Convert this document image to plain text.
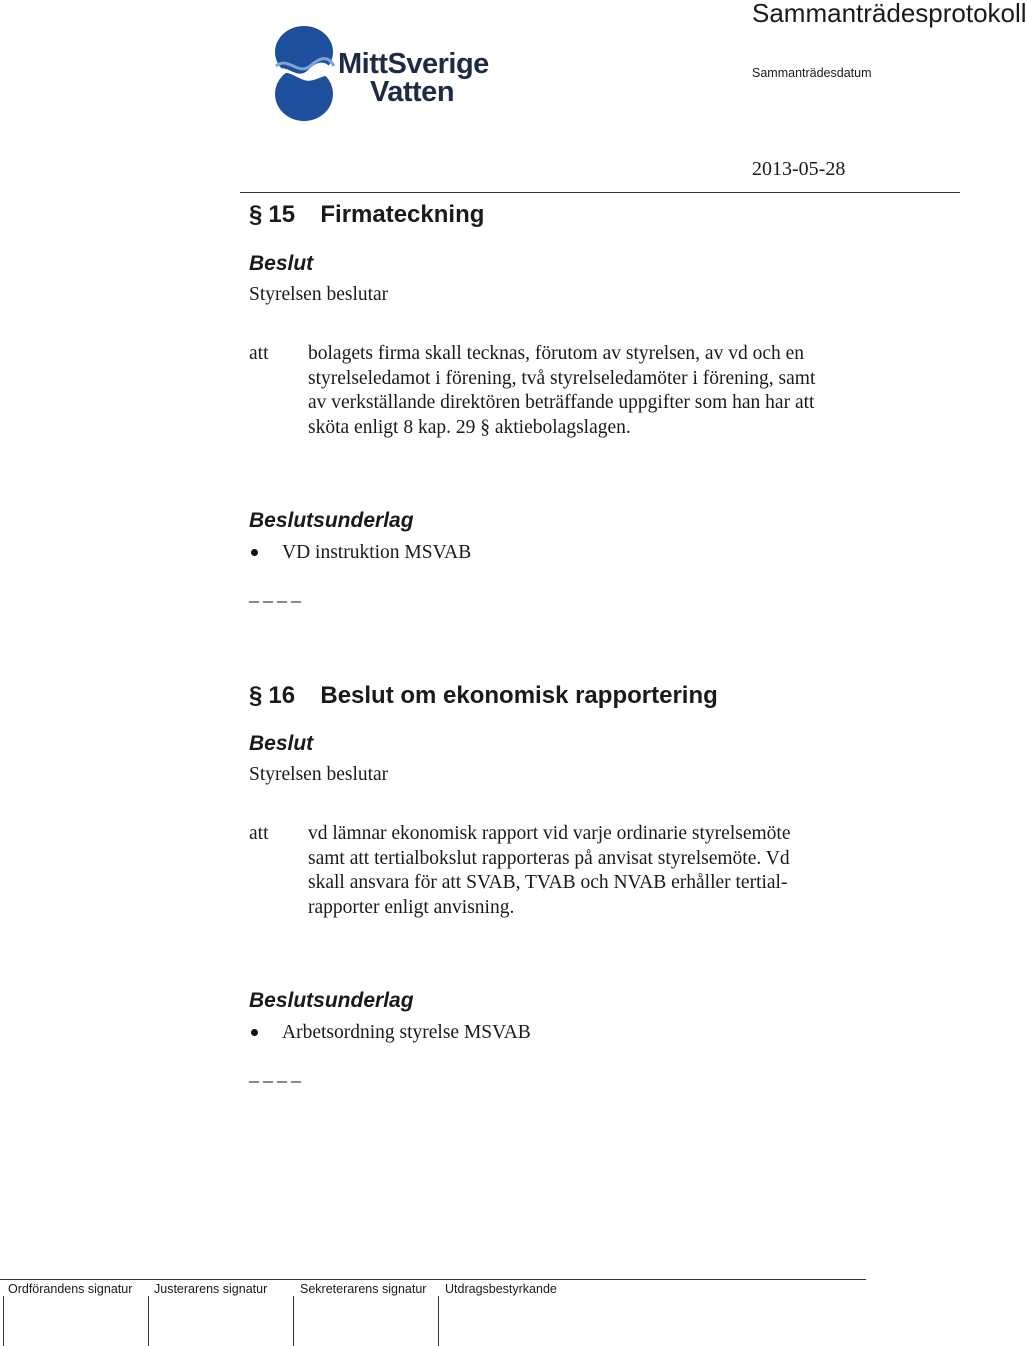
Sammanträdesprotokoll
Sammanträdesdatum
2013-05-28
MittSverige
Vatten
§ 15 Firmateckning
Beslut
Styrelsen beslutar
att bolagets firma skall tecknas, förutom av styrelsen, av vd och en
styrelseledamot i förening, två styrelseledamöter i förening, samt
av verkställande direktören beträffande uppgifter som han har att
sköta enligt 8 kap. 29 § aktiebolagslagen.
Beslutsunderlag
VD instruktion MSVAB
____
§ 16 Beslut om ekonomisk rapportering
Beslut
Styrelsen beslutar
att vd lämnar ekonomisk rapport vid varje ordinarie styrelsemöte
samt att tertialbokslut rapporteras på anvisat styrelsemöte. Vd
skall ansvara för att SVAB, TVAB och NVAB erhåller tertial-
rapporter enligt anvisning.
Beslutsunderlag
Arbetsordning styrelse MSVAB
____
Ordförandens signatur Justerarens signatur	Sekreterarens signatur Utdragsbestyrkande
